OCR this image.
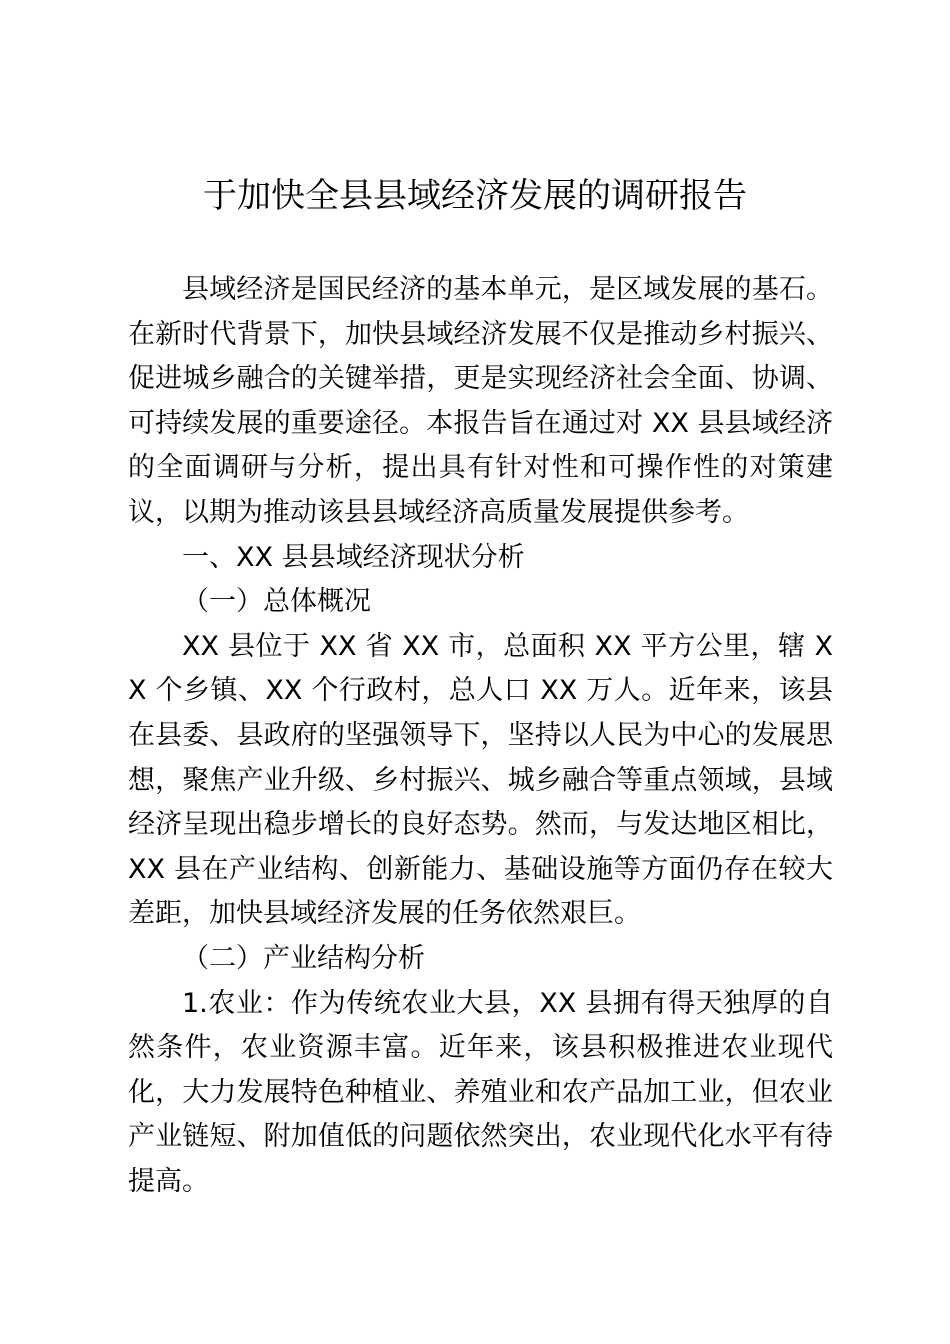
于加快全县县域经济发展的调研报告

县域经济是国民经济的基本单元，是区域发展的基石。在新时代背景下，加快县域经济发展不仅是推动乡村振兴、促进城乡融合的关键举措，更是实现经济社会全面、协调、可持续发展的重要途径。本报告旨在通过对 XX 县县域经济的全面调研与分析，提出具有针对性和可操作性的对策建议，以期为推动该县县域经济高质量发展提供参考。

一、XX 县县域经济现状分析

（一）总体概况

XX 县位于 XX 省 XX 市，总面积 XX 平方公里，辖 XX 个乡镇、XX 个行政村，总人口 XX 万人。近年来，该县在县委、县政府的坚强领导下，坚持以人民为中心的发展思想，聚焦产业升级、乡村振兴、城乡融合等重点领域，县域经济呈现出稳步增长的良好态势。然而，与发达地区相比，XX 县在产业结构、创新能力、基础设施等方面仍存在较大差距，加快县域经济发展的任务依然艰巨。

（二）产业结构分析

1.农业：作为传统农业大县，XX 县拥有得天独厚的自然条件，农业资源丰富。近年来，该县积极推进农业现代化，大力发展特色种植业、养殖业和农产品加工业，但农业产业链短、附加值低的问题依然突出，农业现代化水平有待提高。
